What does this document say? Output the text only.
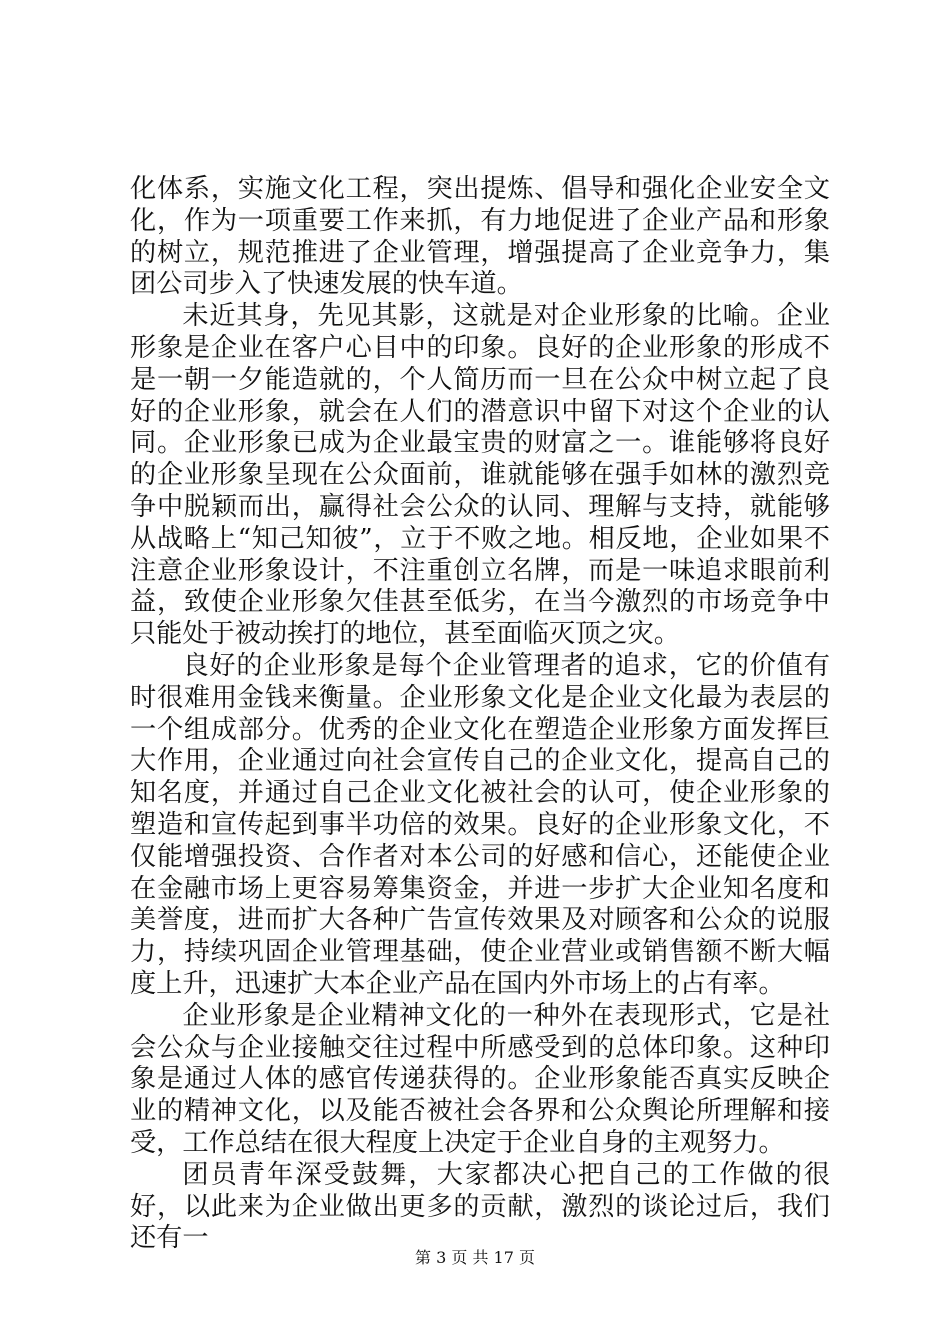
化体系，实施文化工程，突出提炼、倡导和强化企业安全文化，作为一项重要工作来抓，有力地促进了企业产品和形象的树立，规范推进了企业管理，增强提高了企业竞争力，集团公司步入了快速发展的快车道。

未近其身，先见其影，这就是对企业形象的比喻。企业形象是企业在客户心目中的印象。良好的企业形象的形成不是一朝一夕能造就的，个人简历而一旦在公众中树立起了良好的企业形象，就会在人们的潜意识中留下对这个企业的认同。企业形象已成为企业最宝贵的财富之一。谁能够将良好的企业形象呈现在公众面前，谁就能够在强手如林的激烈竞争中脱颖而出，赢得社会公众的认同、理解与支持，就能够从战略上“知己知彼”，立于不败之地。相反地，企业如果不注意企业形象设计，不注重创立名牌，而是一味追求眼前利益，致使企业形象欠佳甚至低劣，在当今激烈的市场竞争中只能处于被动挨打的地位，甚至面临灭顶之灾。

良好的企业形象是每个企业管理者的追求，它的价值有时很难用金钱来衡量。企业形象文化是企业文化最为表层的一个组成部分。优秀的企业文化在塑造企业形象方面发挥巨大作用，企业通过向社会宣传自己的企业文化，提高自己的知名度，并通过自己企业文化被社会的认可，使企业形象的塑造和宣传起到事半功倍的效果。良好的企业形象文化，不仅能增强投资、合作者对本公司的好感和信心，还能使企业在金融市场上更容易筹集资金，并进一步扩大企业知名度和美誉度，进而扩大各种广告宣传效果及对顾客和公众的说服力，持续巩固企业管理基础，使企业营业或销售额不断大幅度上升，迅速扩大本企业产品在国内外市场上的占有率。

企业形象是企业精神文化的一种外在表现形式，它是社会公众与企业接触交往过程中所感受到的总体印象。这种印象是通过人体的感官传递获得的。企业形象能否真实反映企业的精神文化，以及能否被社会各界和公众舆论所理解和接受，工作总结在很大程度上决定于企业自身的主观努力。

团员青年深受鼓舞，大家都决心把自己的工作做的很好，以此来为企业做出更多的贡献，激烈的谈论过后，我们还有一

第 3 页 共 17 页
